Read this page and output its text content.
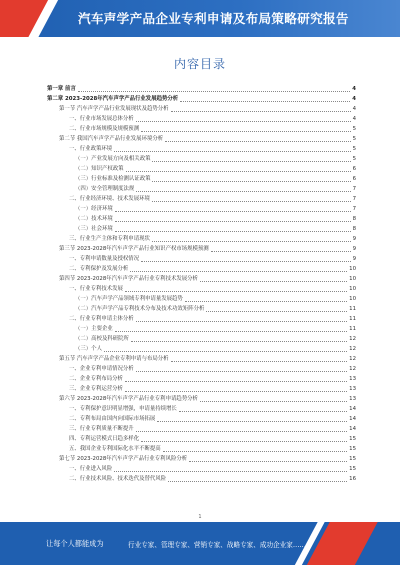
汽车声学产品企业专利申请及布局策略研究报告
内容目录
第一章 前言	4
第二章 2023-2028年汽车声学产品行业发展趋势分析	4
第一节 汽车声学产品行业发展现状及趋势分析	4
一、行业市场发展总体分析	4
二、行业市场规模及规模预测	5
第二节 我国汽车声学产品行业发展环境分析	5
一、行业政策环境	5
（一）产业发展方向及相关政策	5
（二）知识产权政策	6
（三）行业标准及检测认证政策	6
（四）安全管理制度法规	7
二、行业经济环境、技术发展环境	7
（一）经济环境	7
（二）技术环境	8
（三）社会环境	8
三、行业生产主体和专利申请现状	9
第三节 2023-2028年汽车声学产品行业知识产权市场规模预测	9
一、专利申请数量及授权情况	9
二、专利保护及发展分析	10
第四节 2023-2028年汽车声学产品行业专利技术发展分析	10
一、行业专利技术发展	10
（一）汽车声学产品领域专利申请量发展趋势	10
（二）汽车声学产品专利技术分布及技术功效矩阵分析	11
二、行业专利申请主体分析	11
（一）主要企业	11
（二）高校及科研院所	12
（三）个人	12
第五节 汽车声学产品企业专利申请与布局分析	12
一、企业专利申请情况分析	12
二、企业专利布局分析	13
三、企业专利运营分析	13
第六节 2023-2028年汽车声学产品行业专利申请趋势分析	13
一、专利保护意识明显增强，申请量持续增长	14
二、专利布局由国内向国际市场拓展	14
三、行业专利质量不断提升	14
四、专利运营模式日趋多样化	15
五、我国企业专利国际化水平不断提高	15
第七节 2023-2028年汽车声学产品行业专利风险分析	15
一、行业进入风险	15
二、行业技术风险、技术迭代及替代风险	16
1
让每个人都能成为	行业专家、管理专家、营销专家、战略专家、成功企业家……
